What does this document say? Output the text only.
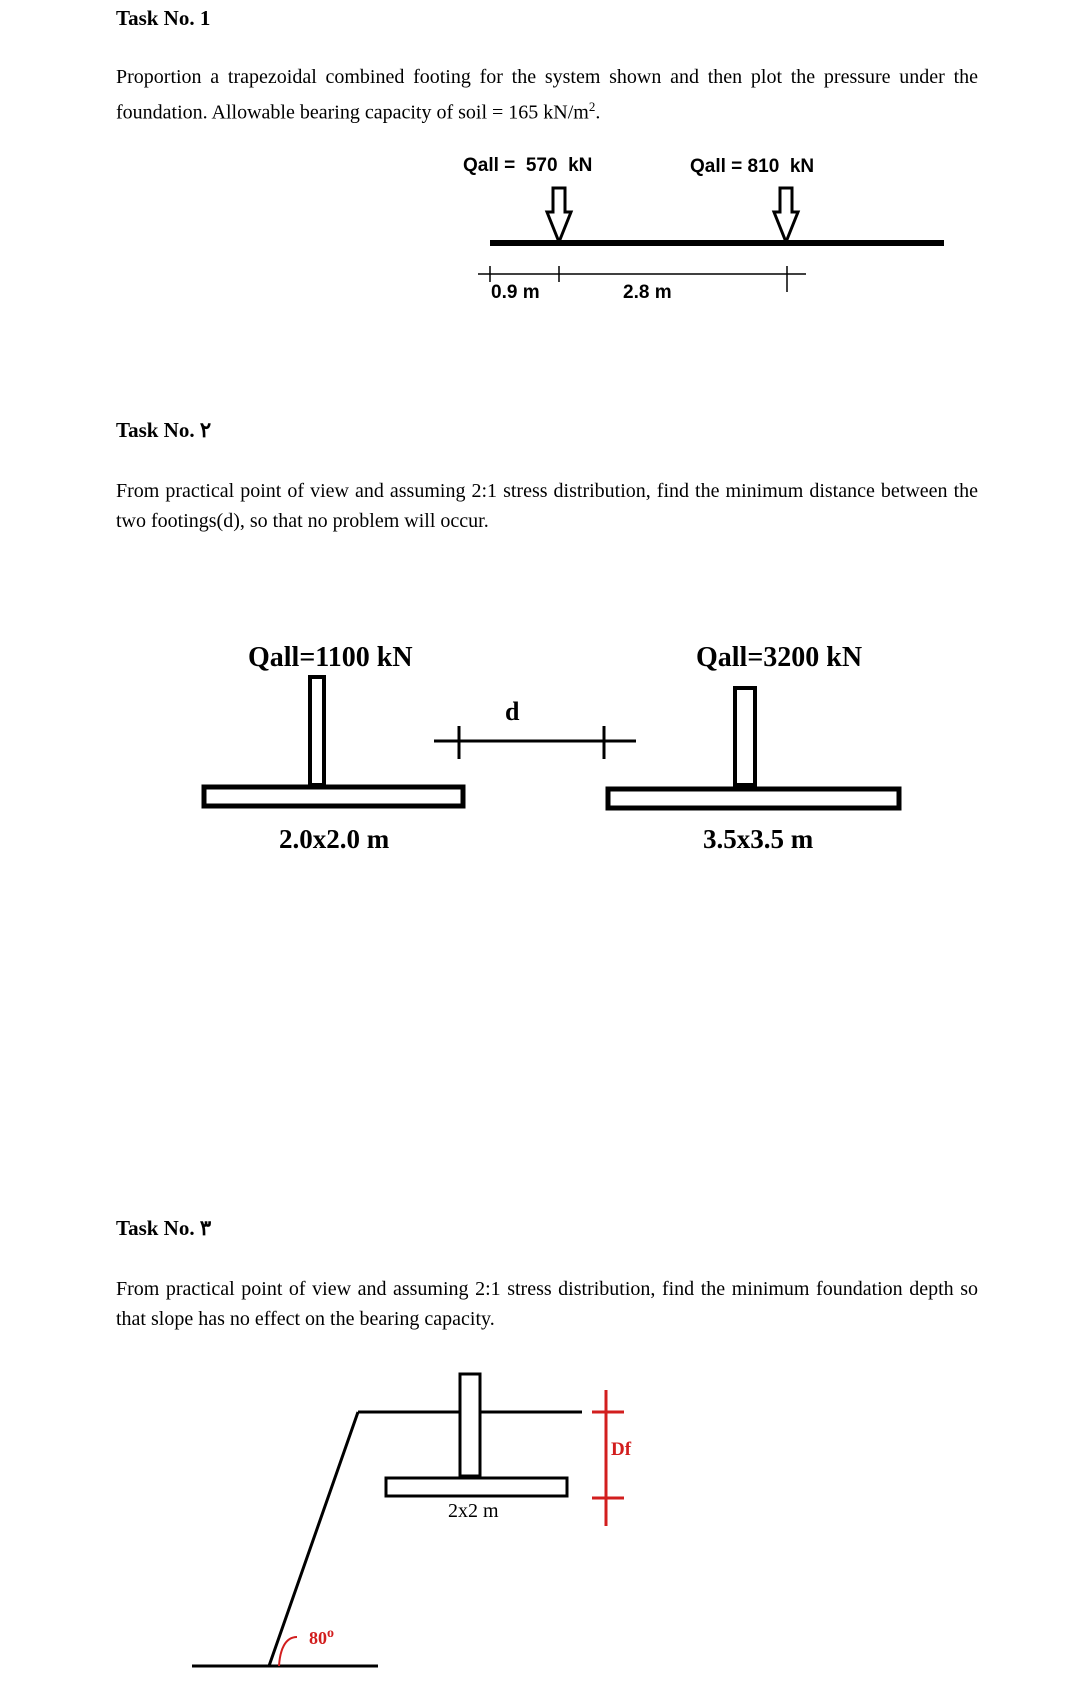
Task No. 1
Proportion a trapezoidal combined footing for the system shown and then plot the pressure under the foundation. Allowable bearing capacity of soil = 165 $kN/m^2$.
Qall =  570  kN	Qall = 810  kN
0.9 m	2.8 m
Task No. ٢
From practical point of view and assuming 2:1 stress distribution, find the minimum distance between the two footings(d), so that no problem will occur.
Qall=1100 kN	Qall=3200 kN
d
2.0x2.0 m	3.5x3.5 m
Task No. ٣
From practical point of view and assuming 2:1 stress distribution, find the minimum foundation depth so that slope has no effect on the bearing capacity.
2x2 m
Df
80$^o$
